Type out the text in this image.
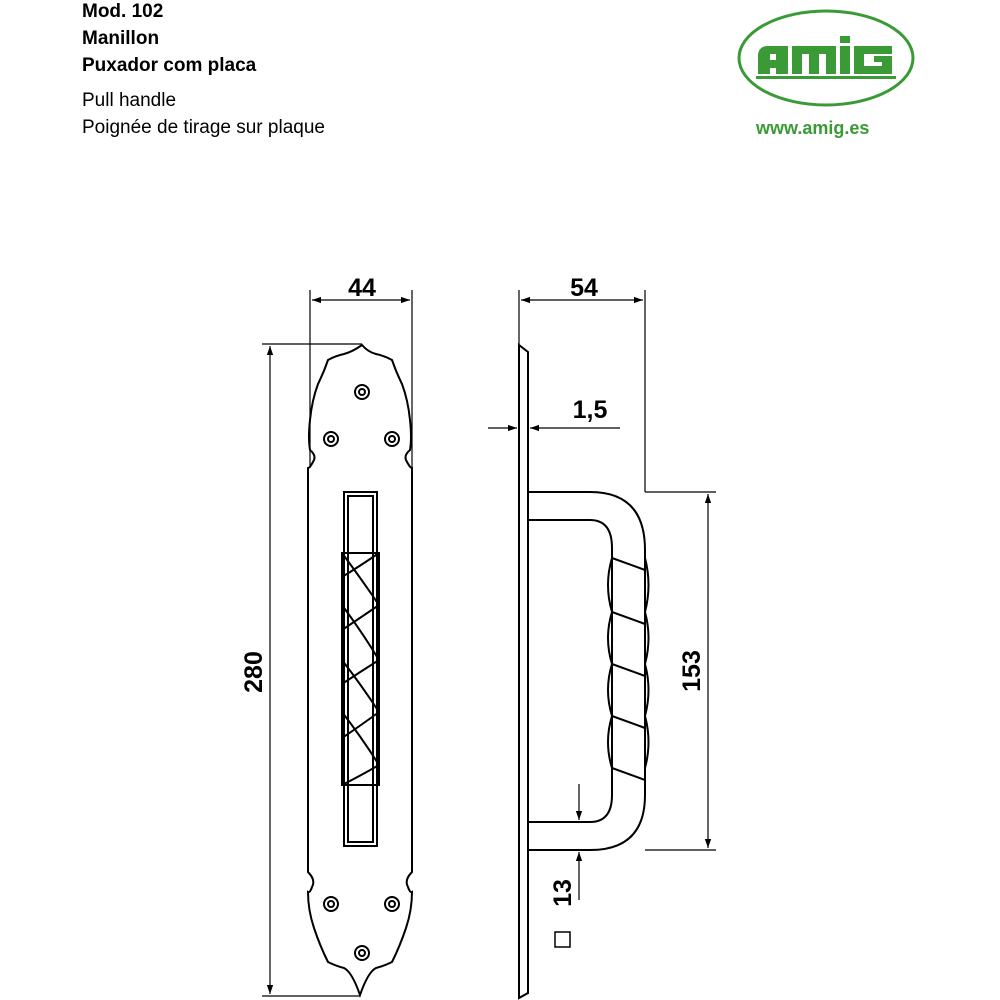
Mod. 102
Manillon
Puxador com placa
Pull handle
Poignée de tirage sur plaque	www.amig.es
44
280
54
1,5
153
13
